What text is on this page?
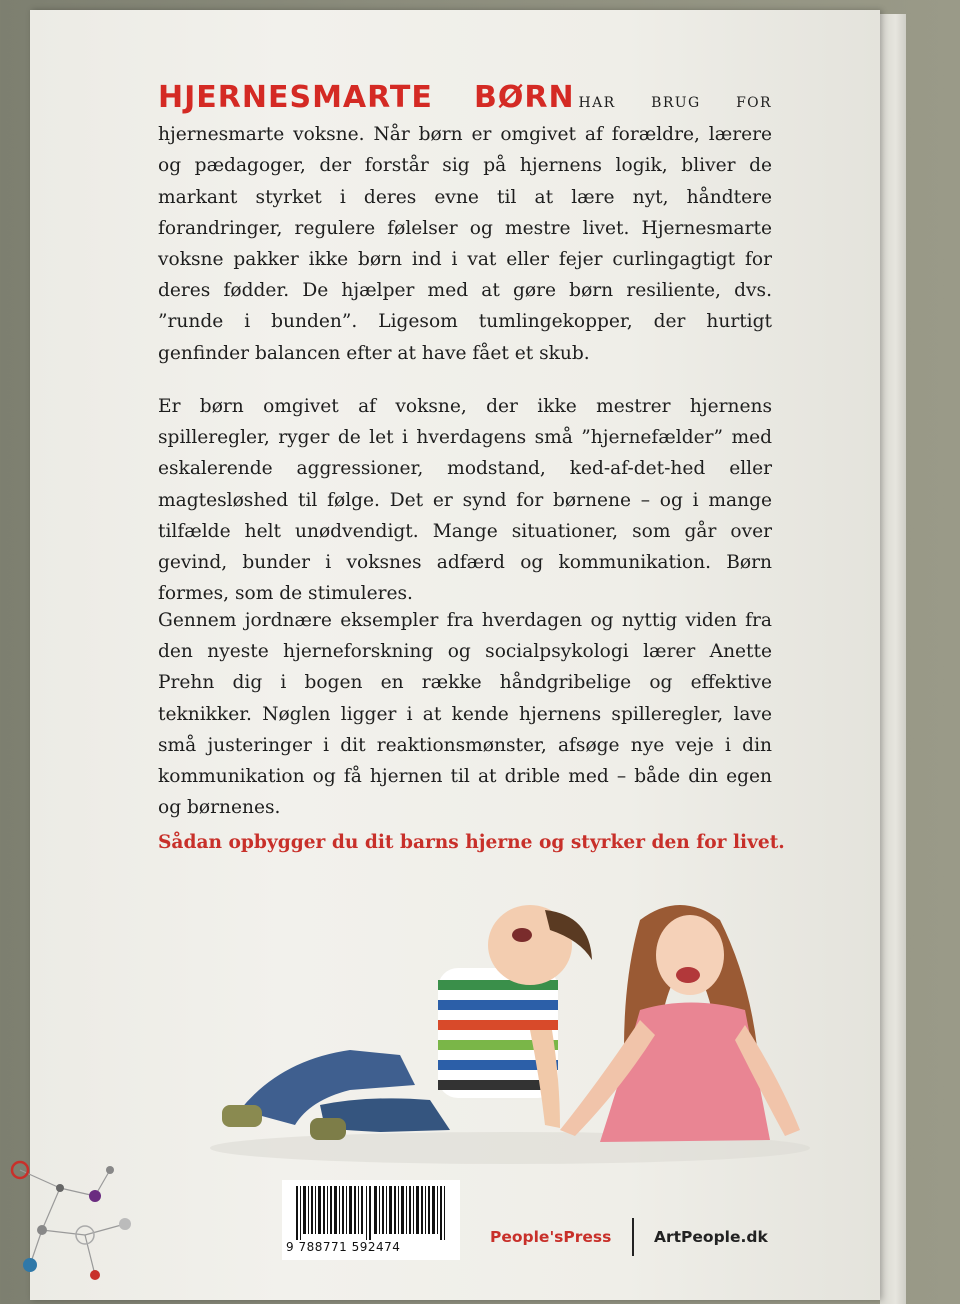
HJERNESMARTE BØRN HAR BRUG FOR hjernesmarte voksne. Når børn er omgivet af forældre, lærere og pædagoger, der forstår sig på hjernens logik, bliver de markant styrket i deres evne til at lære nyt, håndtere forandringer, regulere følelser og mestre livet. Hjernesmarte voksne pakker ikke børn ind i vat eller fejer curlingagtigt for deres fødder. De hjælper med at gøre børn resiliente, dvs. ”runde i bunden”. Ligesom tumlingekopper, der hurtigt genfinder balancen efter at have fået et skub.

Er børn omgivet af voksne, der ikke mestrer hjernens spilleregler, ryger de let i hverdagens små ”hjernefælder” med eskalerende aggressioner, modstand, ked-af-det-hed eller magtesløshed til følge. Det er synd for børnene – og i mange tilfælde helt unødvendigt. Mange situationer, som går over gevind, bunder i voksnes adfærd og kommunikation. Børn formes, som de stimuleres.

Gennem jordnære eksempler fra hverdagen og nyttig viden fra den nyeste hjerneforskning og socialpsykologi lærer Anette Prehn dig i bogen en række håndgribelige og effektive teknikker. Nøglen ligger i at kende hjernens spilleregler, lave små justeringer i dit reaktionsmønster, afsøge nye veje i din kommunikation og få hjernen til at drible med – både din egen og børnenes.

Sådan opbygger du dit barns hjerne og styrker den for livet.

9 788771 592474
People'sPress	ArtPeople.dk
